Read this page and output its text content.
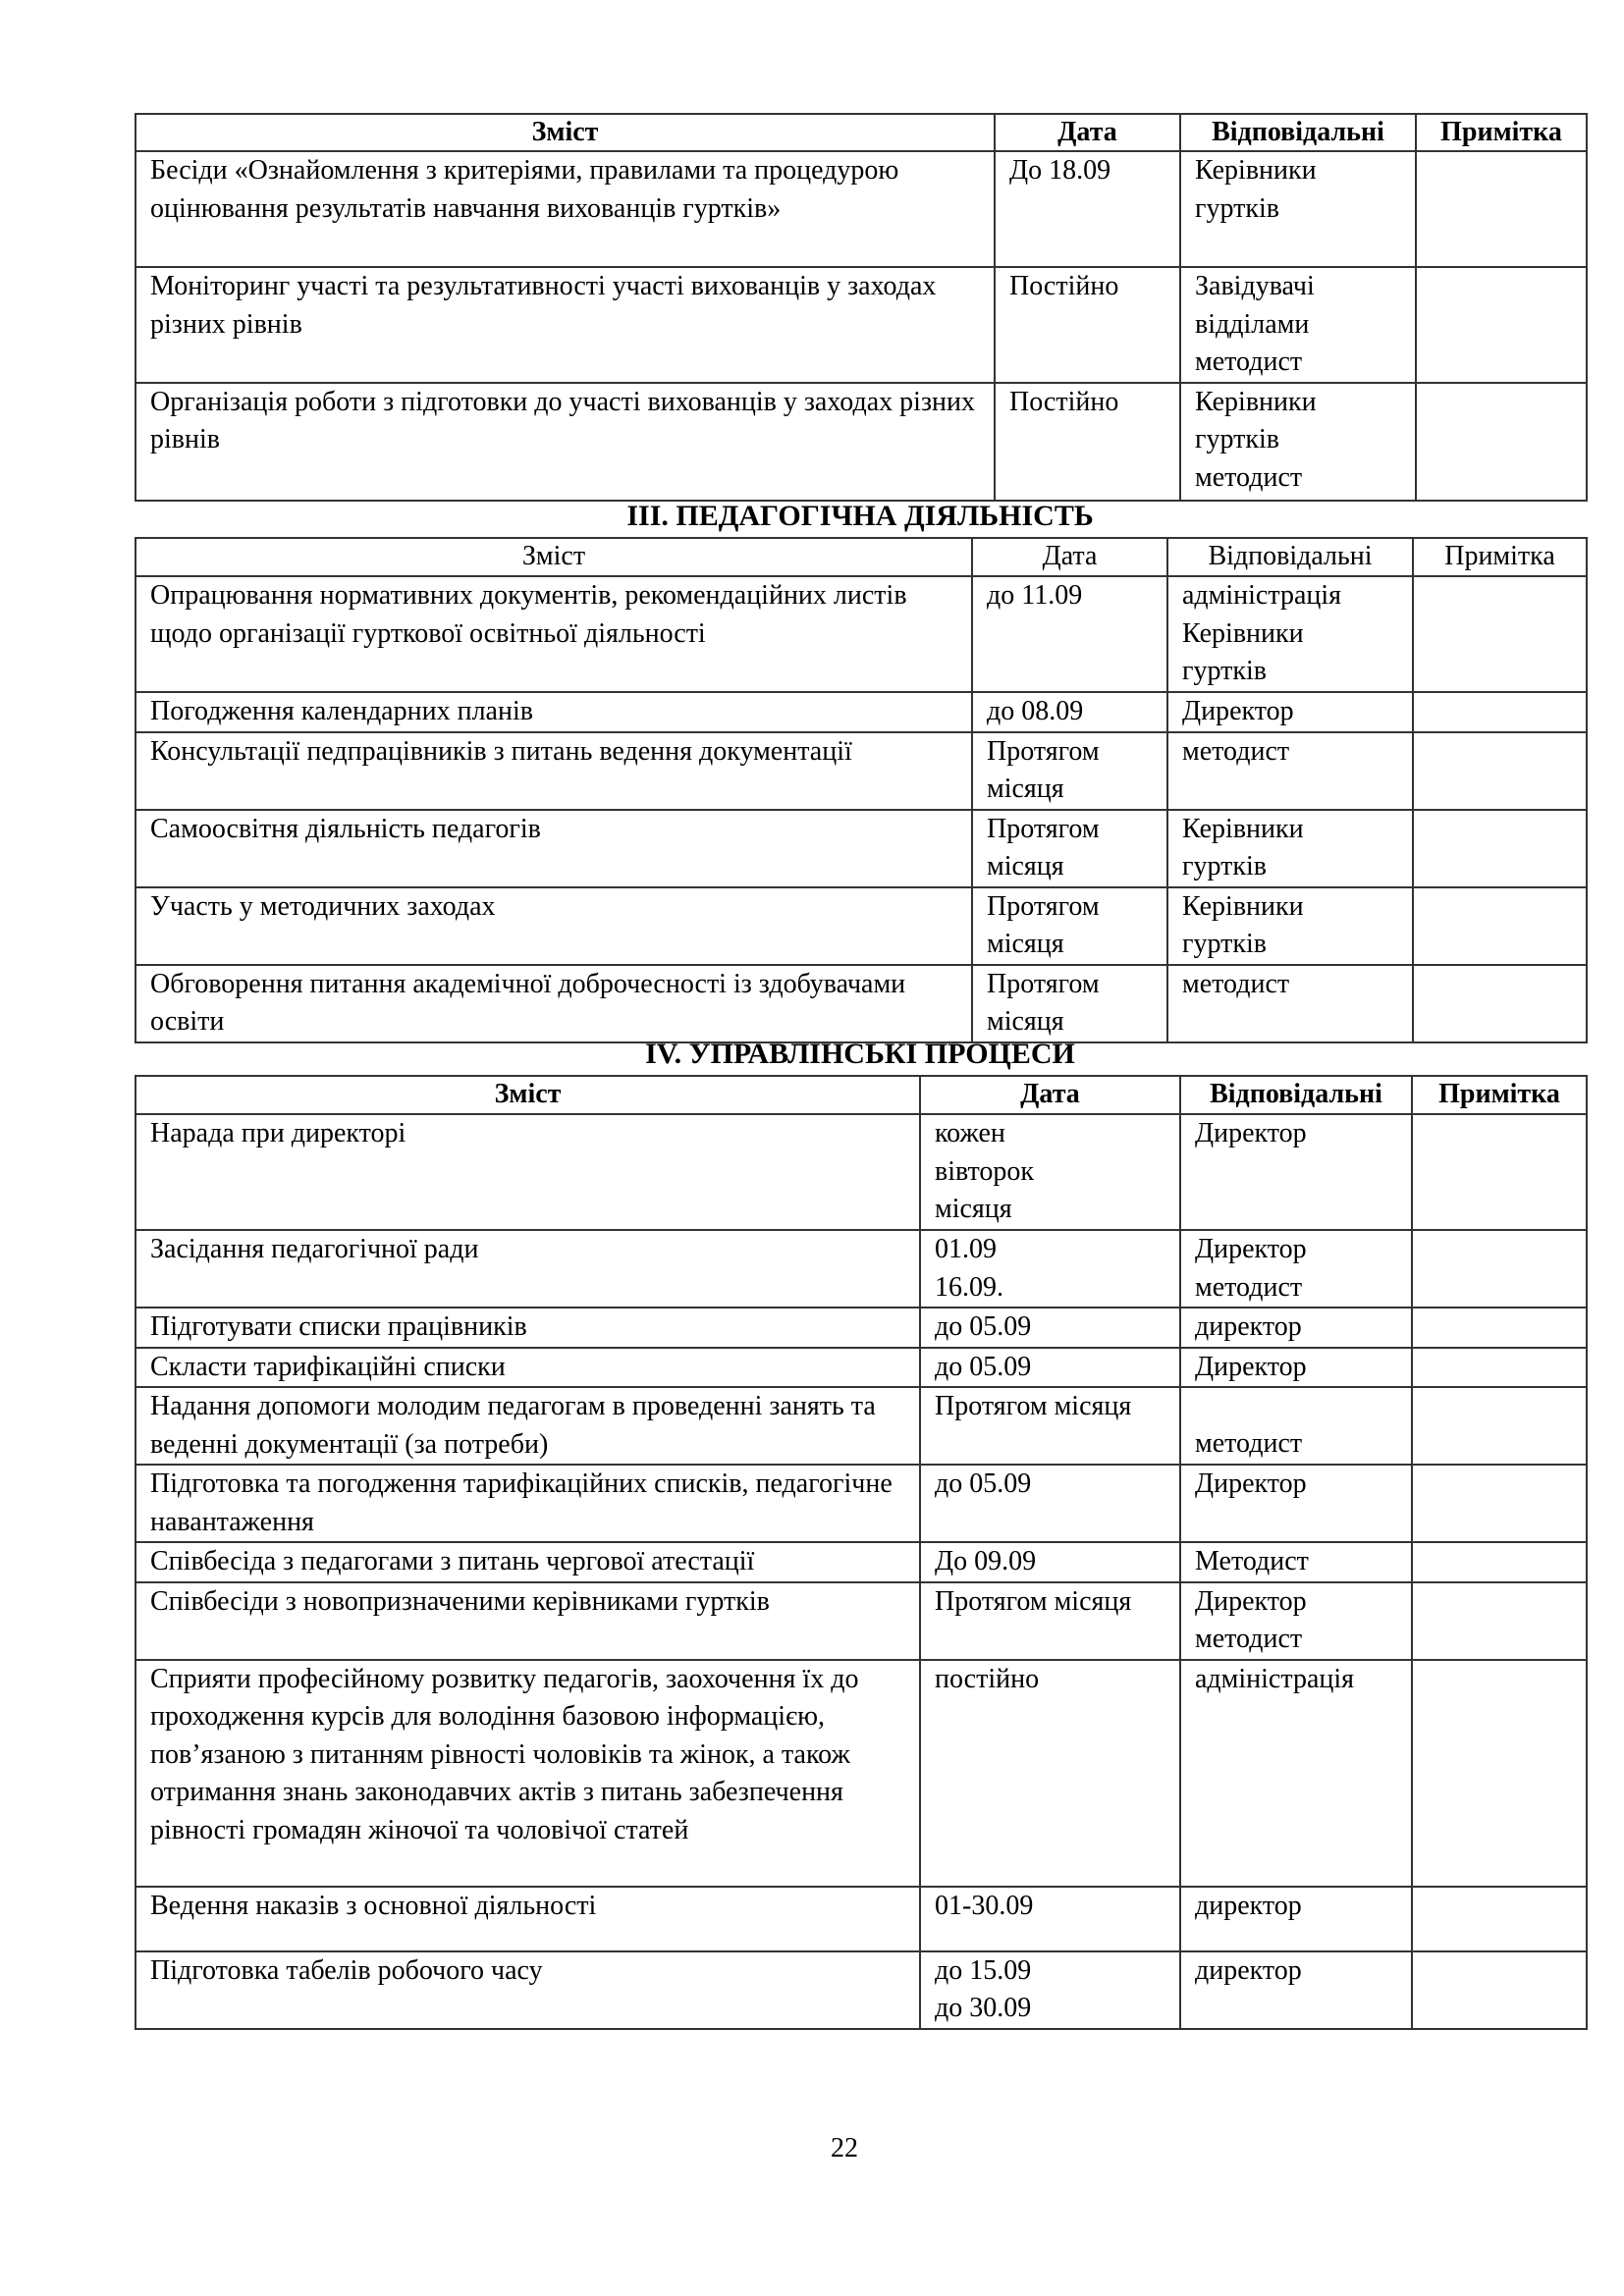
Зміст	Дата	Відповідальні	Примітка
Бесіди «Ознайомлення з критеріями, правилами та процедурою оцінювання результатів навчання вихованців гуртків»	До 18.09	Керівники
гуртків	

Моніторинг участі та результативності участі вихованців у заходах різних рівнів	Постійно	Завідувачі
відділами
методист	

Організація роботи з підготовки до участі вихованців у заходах різних рівнів	Постійно	Керівники
гуртків
методист	

ІІІ. ПЕДАГОГІЧНА ДІЯЛЬНІСТЬ
Зміст	Дата	Відповідальні	Примітка
Опрацювання нормативних документів, рекомендаційних листів щодо організації гурткової освітньої діяльності	до 11.09	адміністрація
Керівники
гуртків	

Погодження календарних планів	до 08.09	Директор	

Консультації педпрацівників з питань ведення документації	Протягом
місяця	методист	

Самоосвітня діяльність педагогів	Протягом
місяця	Керівники
гуртків	

Участь у методичних заходах	Протягом
місяця	Керівники
гуртків	

Обговорення питання академічної доброчесності із здобувачами освіти	Протягом
місяця	методист	

IV. УПРАВЛІНСЬКІ ПРОЦЕСИ
Зміст	Дата	Відповідальні	Примітка
Нарада при директорі	кожен
вівторок
місяця	Директор	

Засідання педагогічної ради	01.09
16.09.	Директор
методист	

Підготувати списки працівників	до 05.09	директор	

Скласти тарифікаційні списки	до 05.09	Директор	

Надання допомоги молодим педагогам в проведенні занять та веденні документації (за потреби)	Протягом місяця	методист	

Підготовка та погодження тарифікаційних списків, педагогічне навантаження	до 05.09	Директор	

Співбесіда з педагогами з питань чергової атестації	До 09.09	Методист	

Співбесіди з новопризначеними керівниками гуртків	Протягом місяця	Директор
методист	

Сприяти професійному розвитку педагогів, заохочення їх до проходження курсів для володіння базовою інформацією, пов’язаною з питанням рівності чоловіків та жінок, а також отримання знань законодавчих актів з питань забезпечення рівності громадян жіночої та чоловічої статей	постійно	адміністрація	

Ведення наказів з основної діяльності	01-30.09	директор	

Підготовка табелів робочого часу	до 15.09
до 30.09	директор	

22
